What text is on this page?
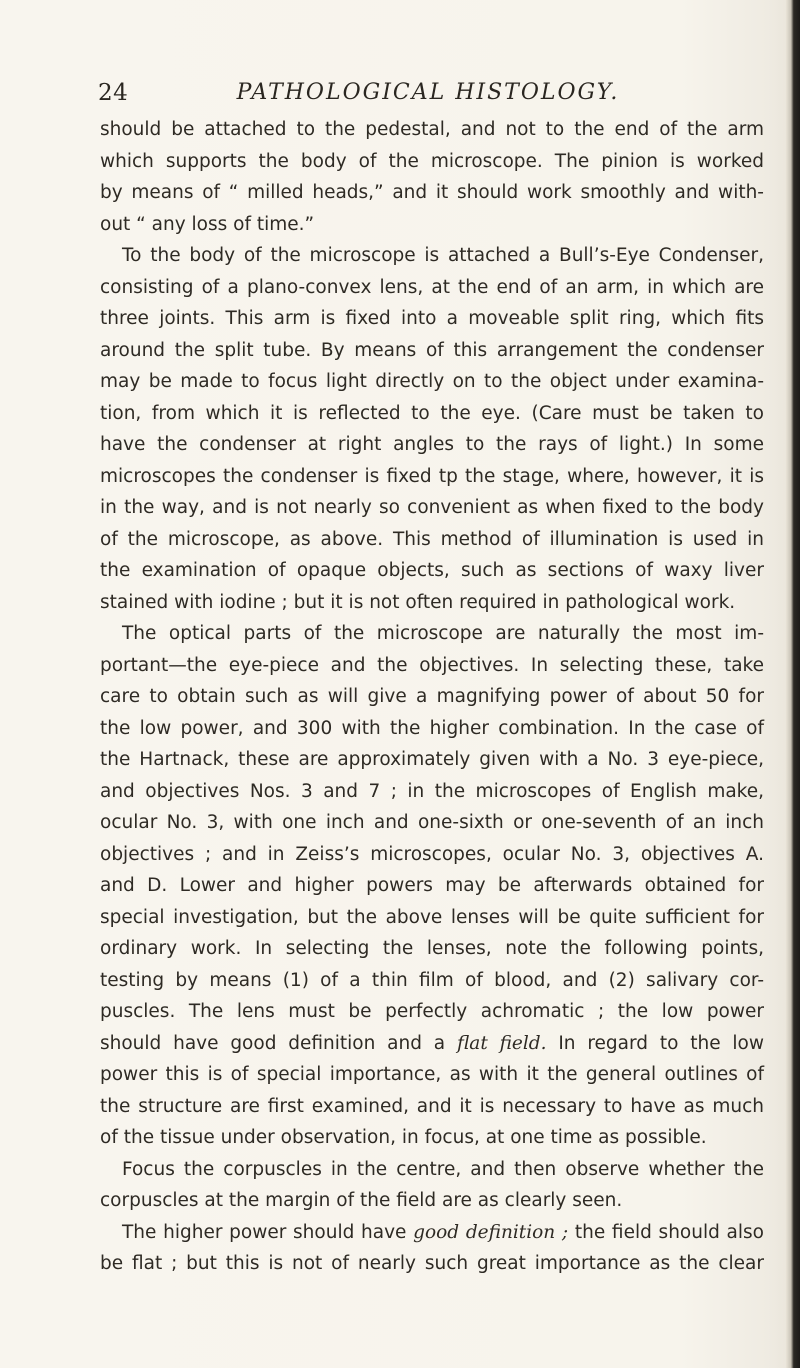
24	PATHOLOGICAL HISTOLOGY.
should be attached to the pedestal, and not to the end of the arm
which supports the body of the microscope. The pinion is worked
by means of “ milled heads,” and it should work smoothly and with-
out “ any loss of time.”
To the body of the microscope is attached a Bull’s-Eye Condenser,
consisting of a plano-convex lens, at the end of an arm, in which are
three joints. This arm is fixed into a moveable split ring, which fits
around the split tube. By means of this arrangement the condenser
may be made to focus light directly on to the object under examina-
tion, from which it is reflected to the eye. (Care must be taken to
have the condenser at right angles to the rays of light.) In some
microscopes the condenser is fixed tp the stage, where, however, it is
in the way, and is not nearly so convenient as when fixed to the body
of the microscope, as above. This method of illumination is used in
the examination of opaque objects, such as sections of waxy liver
stained with iodine ; but it is not often required in pathological work.
The optical parts of the microscope are naturally the most im-
portant—the eye-piece and the objectives. In selecting these, take
care to obtain such as will give a magnifying power of about 50 for
the low power, and 300 with the higher combination. In the case of
the Hartnack, these are approximately given with a No. 3 eye-piece,
and objectives Nos. 3 and 7 ; in the microscopes of English make,
ocular No. 3, with one inch and one-sixth or one-seventh of an inch
objectives ; and in Zeiss’s microscopes, ocular No. 3, objectives A.
and D. Lower and higher powers may be afterwards obtained for
special investigation, but the above lenses will be quite sufficient for
ordinary work. In selecting the lenses, note the following points,
testing by means (1) of a thin film of blood, and (2) salivary cor-
puscles. The lens must be perfectly achromatic ; the low power
should have good definition and a flat field. In regard to the low
power this is of special importance, as with it the general outlines of
the structure are first examined, and it is necessary to have as much
of the tissue under observation, in focus, at one time as possible.
Focus the corpuscles in the centre, and then observe whether the
corpuscles at the margin of the field are as clearly seen.
The higher power should have good definition ; the field should also
be flat ; but this is not of nearly such great importance as the clear
